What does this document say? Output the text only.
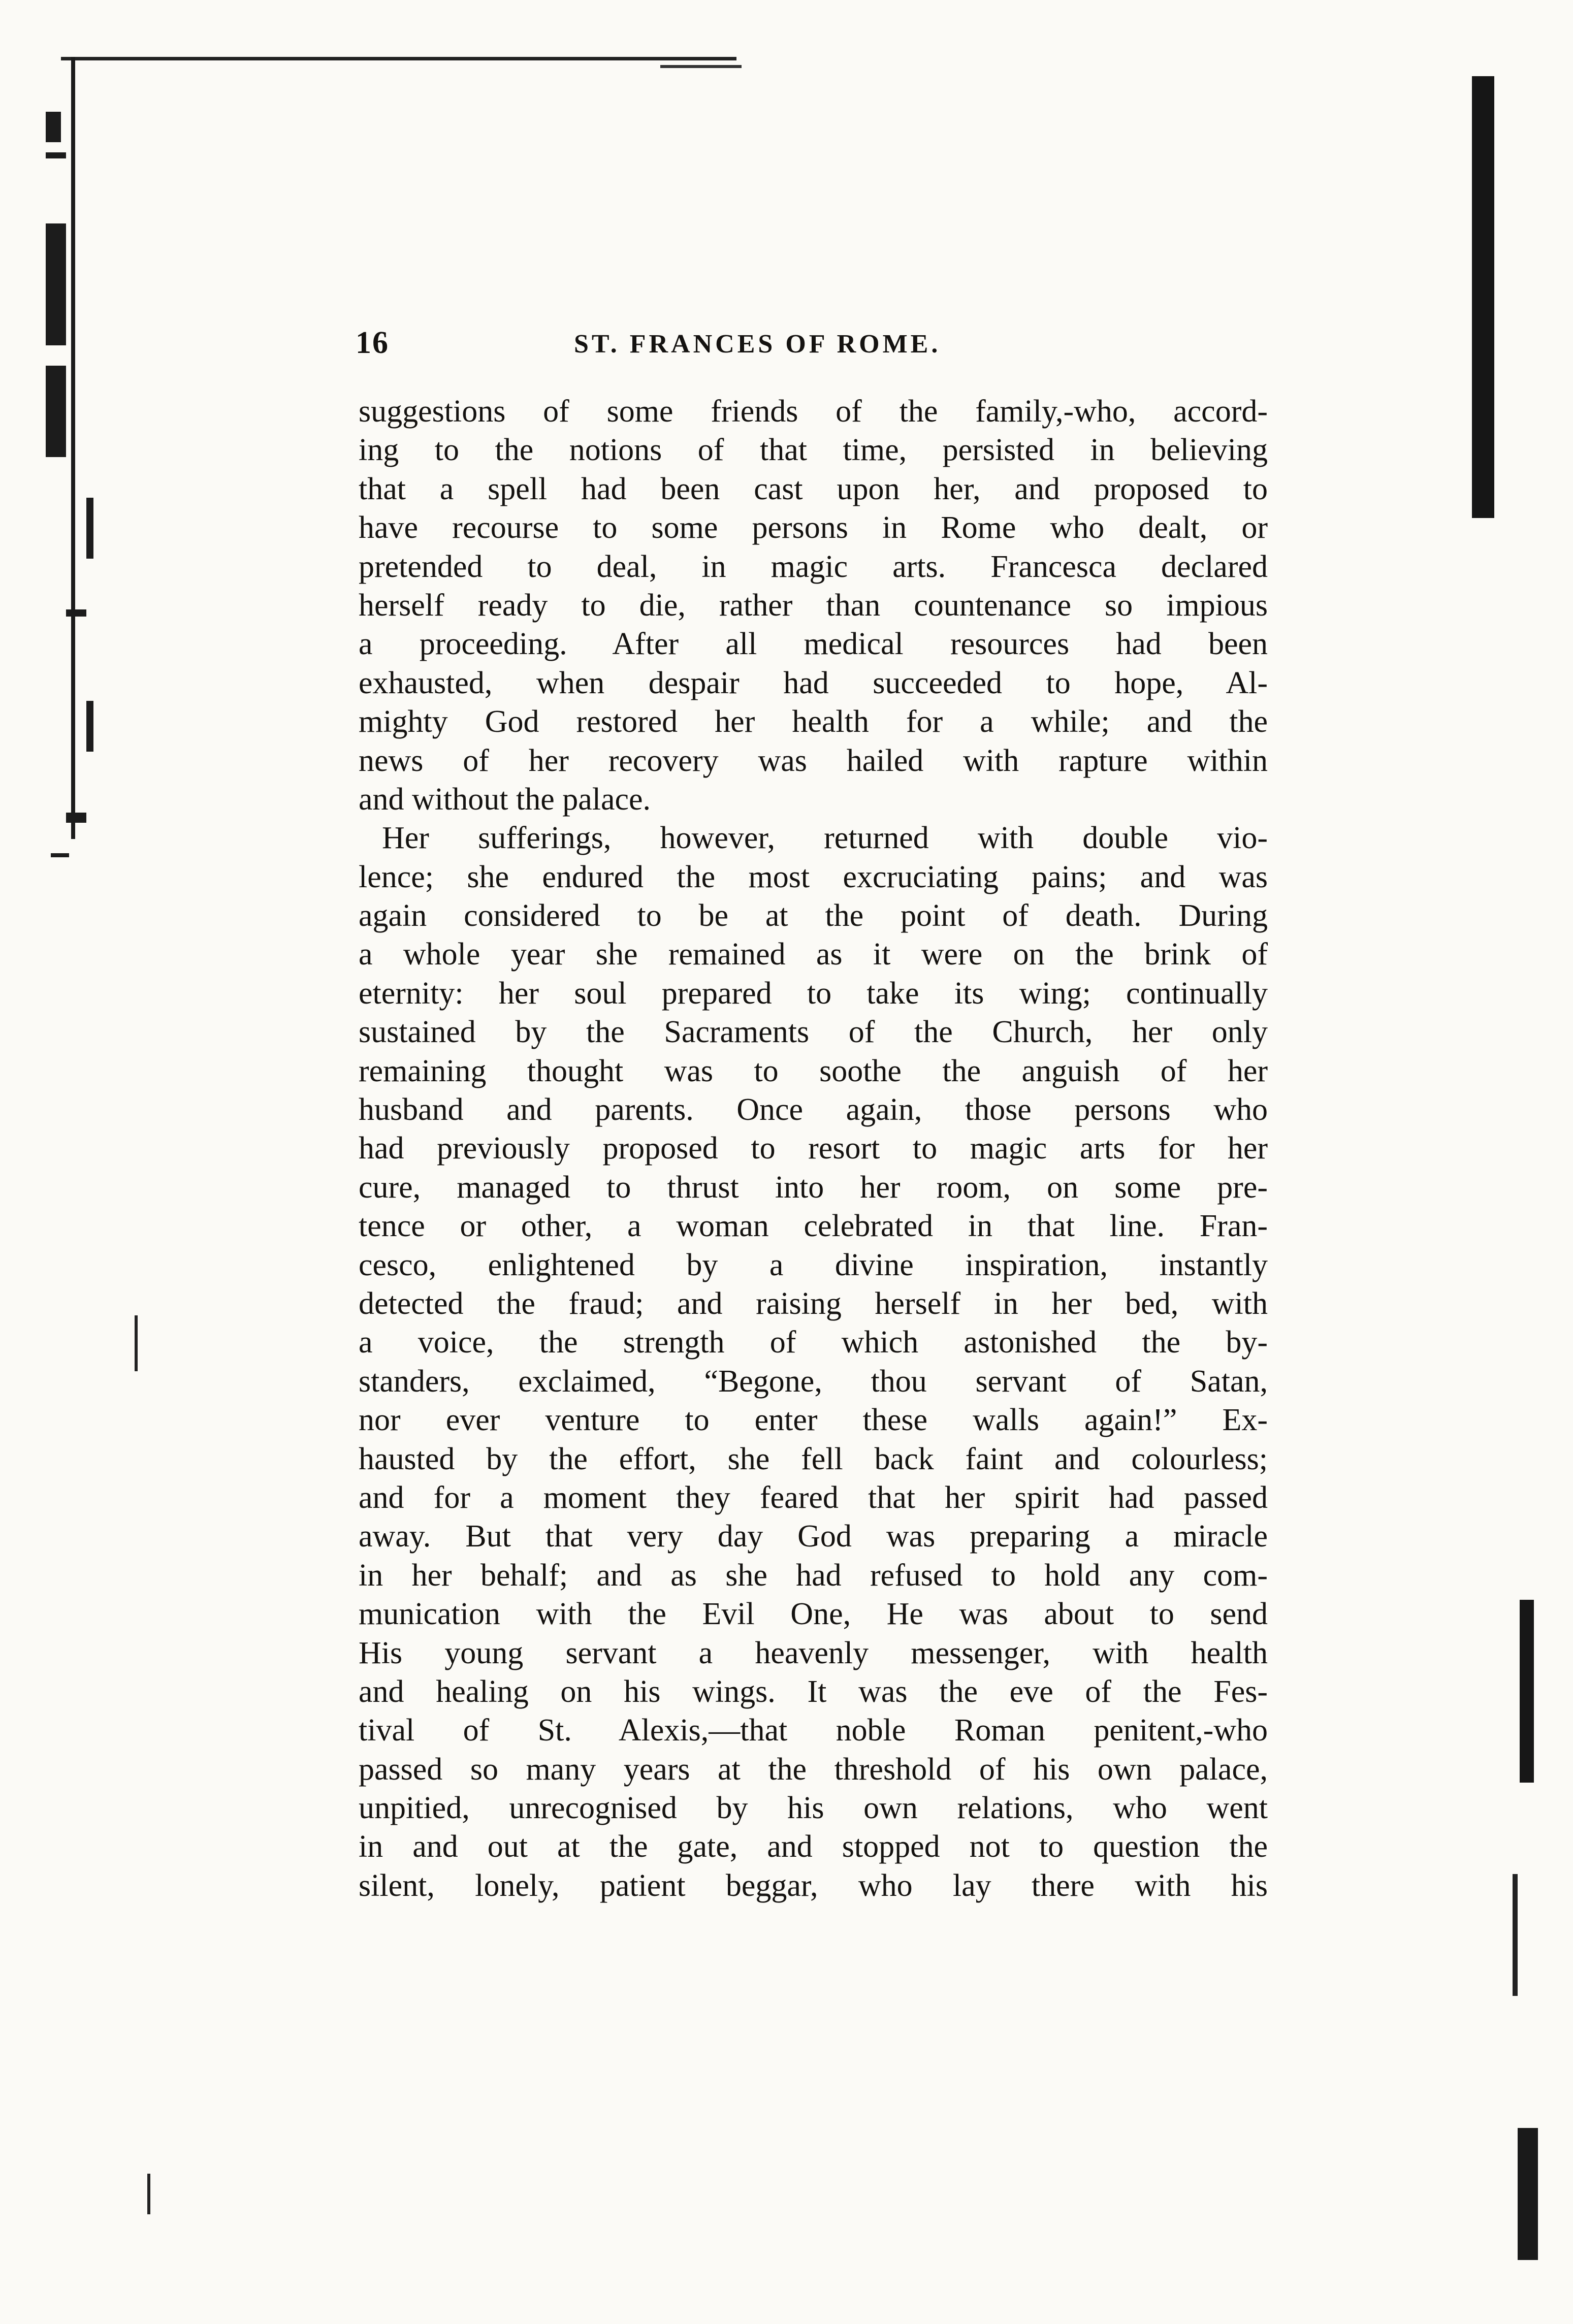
16	ST. FRANCES OF ROME.
suggestions of some friends of the family,-who, accord-
ing to the notions of that time, persisted in believing
that a spell had been cast upon her, and proposed to
have recourse to some persons in Rome who dealt, or
pretended to deal, in magic arts. Francesca declared
herself ready to die, rather than countenance so impious
a proceeding. After all medical resources had been
exhausted, when despair had succeeded to hope, Al-
mighty God restored her health for a while; and the
news of her recovery was hailed with rapture within
and without the palace.
Her sufferings, however, returned with double vio-
lence; she endured the most excruciating pains; and was
again considered to be at the point of death. During
a whole year she remained as it were on the brink of
eternity: her soul prepared to take its wing; continually
sustained by the Sacraments of the Church, her only
remaining thought was to soothe the anguish of her
husband and parents. Once again, those persons who
had previously proposed to resort to magic arts for her
cure, managed to thrust into her room, on some pre-
tence or other, a woman celebrated in that line. Fran-
cesco, enlightened by a divine inspiration, instantly
detected the fraud; and raising herself in her bed, with
a voice, the strength of which astonished the by-
standers, exclaimed, “Begone, thou servant of Satan,
nor ever venture to enter these walls again!” Ex-
hausted by the effort, she fell back faint and colourless;
and for a moment they feared that her spirit had passed
away. But that very day God was preparing a miracle
in her behalf; and as she had refused to hold any com-
munication with the Evil One, He was about to send
His young servant a heavenly messenger, with health
and healing on his wings. It was the eve of the Fes-
tival of St. Alexis,—that noble Roman penitent,-who
passed so many years at the threshold of his own palace,
unpitied, unrecognised by his own relations, who went
in and out at the gate, and stopped not to question the
silent, lonely, patient beggar, who lay there with his
